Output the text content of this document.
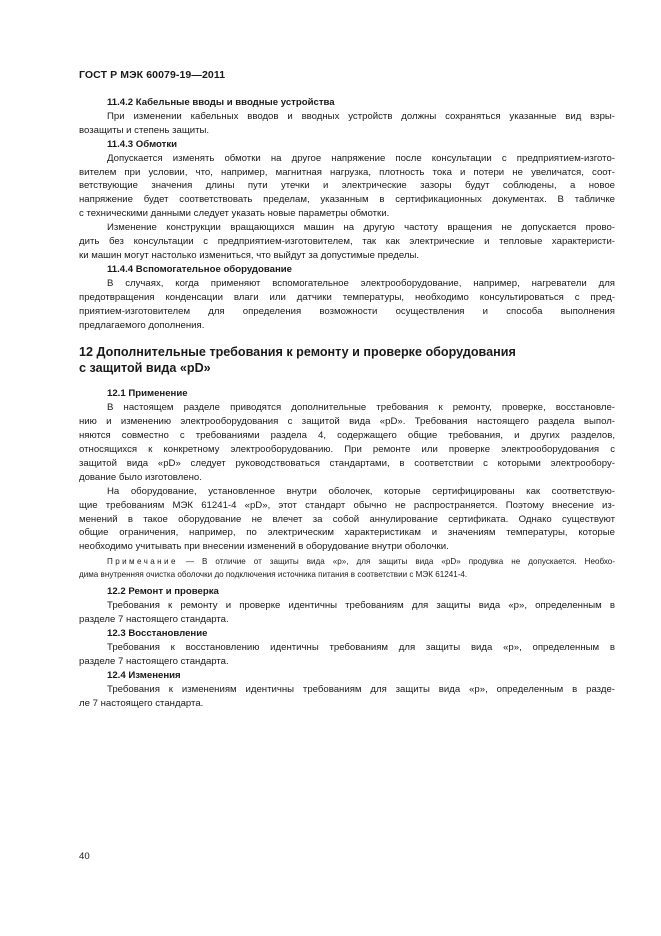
ГОСТ Р МЭК 60079-19—2011
11.4.2 Кабельные вводы и вводные устройства
При изменении кабельных вводов и вводных устройств должны сохраняться указанные вид взры-
возащиты и степень защиты.
11.4.3 Обмотки
Допускается изменять обмотки на другое напряжение после консультации с предприятием-изгото-
вителем при условии, что, например, магнитная нагрузка, плотность тока и потери не увеличатся, соот-
ветствующие значения длины пути утечки и электрические зазоры будут соблюдены, а новое
напряжение будет соответствовать пределам, указанным в сертификационных документах. В табличке
с техническими данными следует указать новые параметры обмотки.
Изменение конструкции вращающихся машин на другую частоту вращения не допускается прово-
дить без консультации с предприятием-изготовителем, так как электрические и тепловые характеристи-
ки машин могут настолько измениться, что выйдут за допустимые пределы.
11.4.4 Вспомогательное оборудование
В случаях, когда применяют вспомогательное электрооборудование, например, нагреватели для
предотвращения конденсации влаги или датчики температуры, необходимо консультироваться с пред-
приятием-изготовителем для определения возможности осуществления и способа выполнения
предлагаемого дополнения.
12 Дополнительные требования к ремонту и проверке оборудования
с защитой вида «pD»
12.1 Применение
В настоящем разделе приводятся дополнительные требования к ремонту, проверке, восстановле-
нию и изменению электрооборудования с защитой вида «pD». Требования настоящего раздела выпол-
няются совместно с требованиями раздела 4, содержащего общие требования, и других разделов,
относящихся к конкретному электрооборудованию. При ремонте или проверке электрооборудования с
защитой вида «pD» следует руководствоваться стандартами, в соответствии с которыми электрообору-
дование было изготовлено.
На оборудование, установленное внутри оболочек, которые сертифицированы как соответствую-
щие требованиям МЭК 61241-4 «pD», этот стандарт обычно не распространяется. Поэтому внесение из-
менений в такое оборудование не влечет за собой аннулирование сертификата. Однако существуют
общие ограничения, например, по электрическим характеристикам и значениям температуры, которые
необходимо учитывать при внесении изменений в оборудование внутри оболочки.
Примечание — В отличие от защиты вида «p», для защиты вида «pD» продувка не допускается. Необхо-
дима внутренняя очистка оболочки до подключения источника питания в соответствии с МЭК 61241-4.
12.2 Ремонт и проверка
Требования к ремонту и проверке идентичны требованиям для защиты вида «p», определенным в
разделе 7 настоящего стандарта.
12.3 Восстановление
Требования к восстановлению идентичны требованиям для защиты вида «p», определенным в
разделе 7 настоящего стандарта.
12.4 Изменения
Требования к изменениям идентичны требованиям для защиты вида «p», определенным в разде-
ле 7 настоящего стандарта.
40
